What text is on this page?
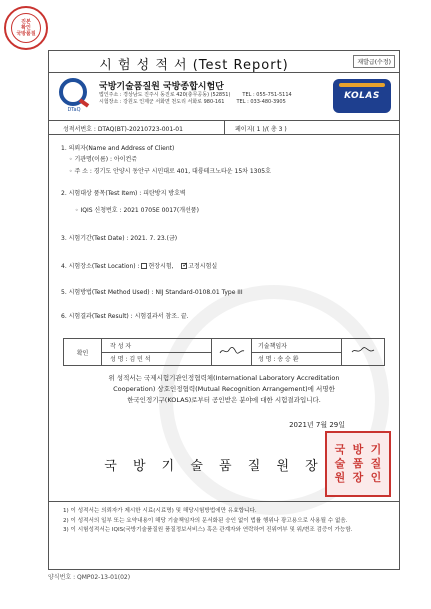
진본
확인
국방품질
시 험 성 적 서 (Test Report)	재발급(수정)
DTaQ
국방기술품질원 국방종합시험단
법인주소 : 경상남도 진주시 동진로 420(충무공동) (52851) TEL : 055-751-5114
시험장소 : 강원도 인제군 서화면 천도리 서화로 980-161 TEL : 033-480-3905
KOLAS
성적서번호 : DTAQ(BT)-20210723-001-01	페이지( 1 )/( 총 3 )
1. 의뢰자(Name and Address of Client)
◦ 기관명(이름) : 아이컨쥬
◦ 주 소 : 경기도 안양시 동안구 시민대로 401, 대륭테크노타운 15차 1305호
2. 시험대상 품목(Test Item) : 피탄방지 방호벽
◦ IQIS 신청번호 : 2021 0705E 0017(개선품)
3. 시험기간(Test Date) : 2021. 7. 23.(금)
4. 시험장소(Test Location) : 현장시험, ✓ 고정시험실
5. 시험방법(Test Method Used) : NIJ Standard-0108.01 Type III
6. 시험결과(Test Result) : 시험결과서 참조. 끝.
확인	작 성 자		기술책임자	
	성 명 : 김 민 석		성 명 : 송 승 환	
위 성적서는 국제시험기관인정협력체(International Laboratory Accreditation
Cooperation) 상호인정협력(Mutual Recognition Arrangement)에 서명한
한국인정기구(KOLAS)로부터 공인받은 분야에 대한 시험결과입니다.
2021년 7월 29일
국 방 기 술 품 질 원 장
국 방 기
술 품 질
원 장 인

1) 이 성적서는 의뢰자가 제시한 시료(시료명) 및 해당시험방법에만 유효합니다.

2) 이 성적서의 일부 또는 요약내용이 해당 기술책임자의 문서화된 승인 없이 법률 행위나 광고용으로 사용될 수 없음.

3) 이 시험성적서는 IQIS(국방기술품질원 품질정보서비스) 혹은 관계자와 연락하여 진위여부 및 위/변조 검증이 가능함.

양식번호 : QMP02-13-01(02)
